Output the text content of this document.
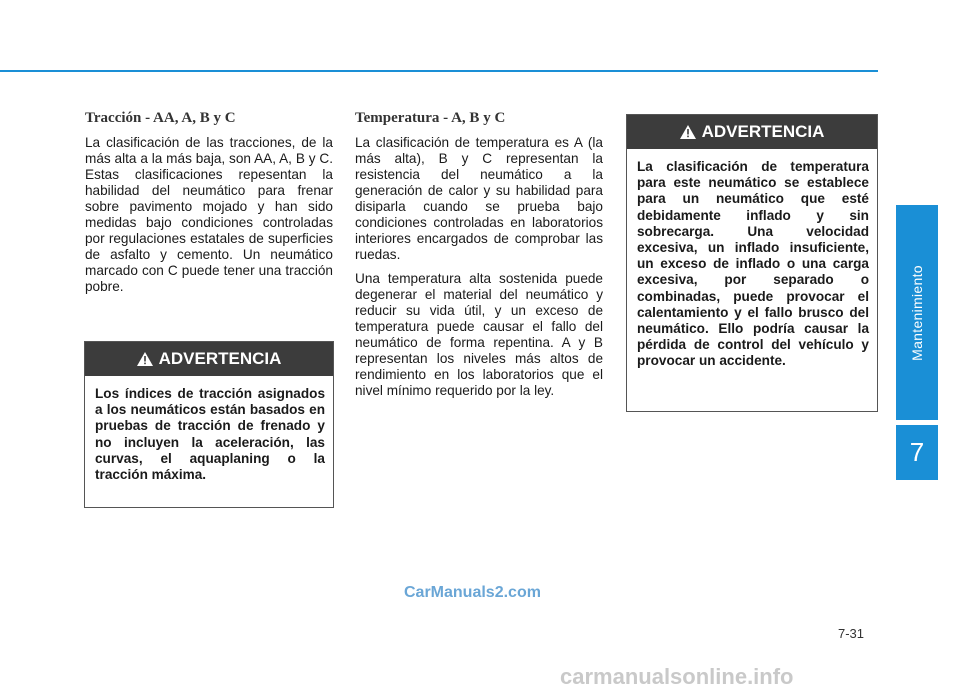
Mantenimiento
7
Tracción - AA, A, B y C

La clasificación de las tracciones, de la más alta a la más baja, son AA, A, B y C. Estas clasificaciones repesentan la habilidad del neumático para frenar sobre pavimento mojado y han sido medidas bajo condiciones controladas por regulaciones estatales de superficies de asfalto y cemento. Un neumático marcado con C puede tener una tracción pobre.

ADVERTENCIA
Los índices de tracción asignados a los neumáticos están basados en pruebas de tracción de frenado y no incluyen la aceleración, las curvas, el aquaplaning o la tracción máxima.
Temperatura - A, B y C

La clasificación de temperatura es A (la más alta), B y C representan la resistencia del neumático a la generación de calor y su habilidad para disiparla cuando se prueba bajo condiciones controladas en laboratorios interiores encargados de comprobar las ruedas.

Una temperatura alta sostenida puede degenerar el material del neumático y reducir su vida útil, y un exceso de temperatura puede causar el fallo del neumático de forma repentina. A y B representan los niveles más altos de rendimiento en los laboratorios que el nivel mínimo requerido por la ley.

ADVERTENCIA
La clasificación de temperatura para este neumático se establece para un neumático que esté debidamente inflado y sin sobrecarga. Una velocidad excesiva, un inflado insuficiente, un exceso de inflado o una carga excesiva, por separado o combinadas, puede provocar el calentamiento y el fallo brusco del neumático. Ello podría causar la pérdida de control del vehículo y provocar un accidente.
CarManuals2.com
7-31
carmanualsonline.info
